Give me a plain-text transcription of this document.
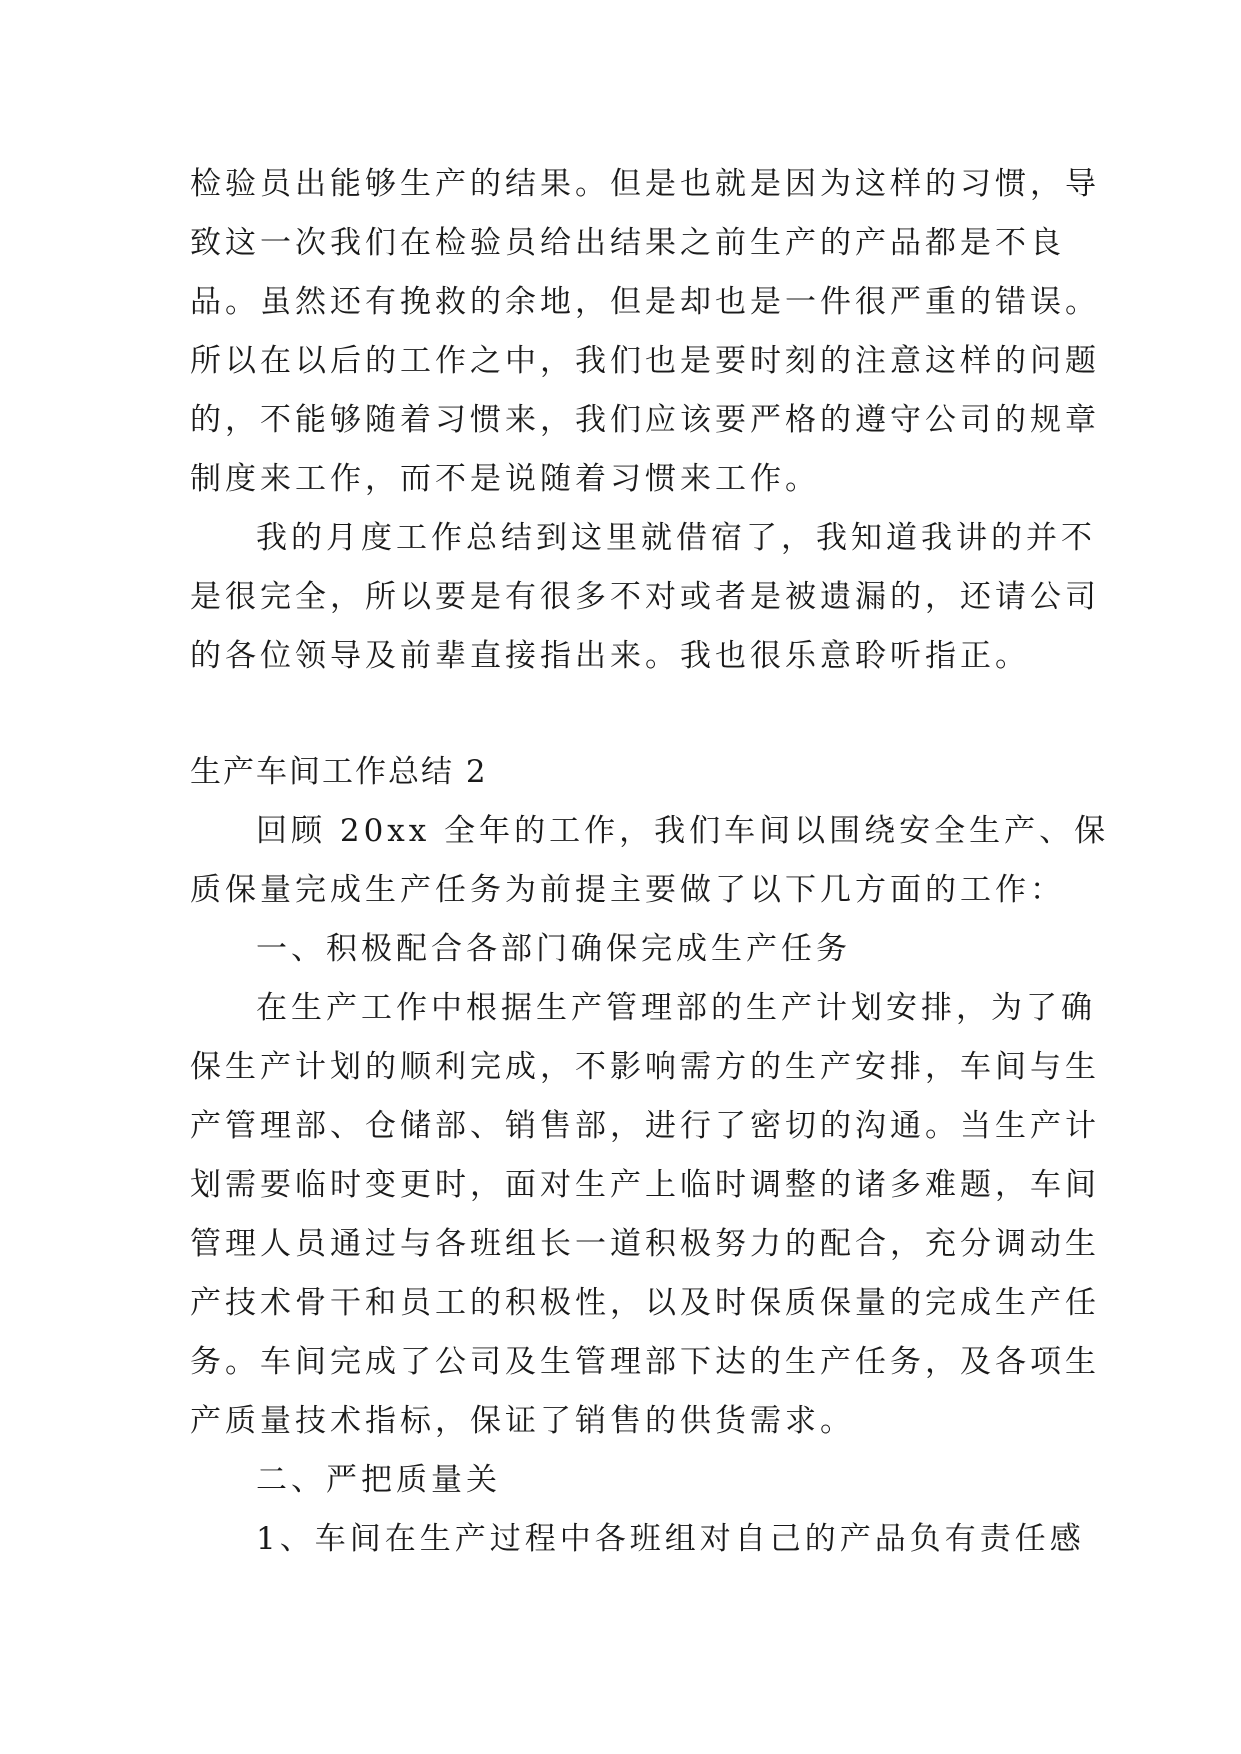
检验员出能够生产的结果。但是也就是因为这样的习惯，导

致这一次我们在检验员给出结果之前生产的产品都是不良

品。虽然还有挽救的余地，但是却也是一件很严重的错误。

所以在以后的工作之中，我们也是要时刻的注意这样的问题

的，不能够随着习惯来，我们应该要严格的遵守公司的规章

制度来工作，而不是说随着习惯来工作。

我的月度工作总结到这里就借宿了，我知道我讲的并不

是很完全，所以要是有很多不对或者是被遗漏的，还请公司

的各位领导及前辈直接指出来。我也很乐意聆听指正。

生产车间工作总结 2

回顾 20xx 全年的工作，我们车间以围绕安全生产、保

质保量完成生产任务为前提主要做了以下几方面的工作：

一、积极配合各部门确保完成生产任务

在生产工作中根据生产管理部的生产计划安排，为了确

保生产计划的顺利完成，不影响需方的生产安排，车间与生

产管理部、仓储部、销售部，进行了密切的沟通。当生产计

划需要临时变更时，面对生产上临时调整的诸多难题，车间

管理人员通过与各班组长一道积极努力的配合，充分调动生

产技术骨干和员工的积极性，以及时保质保量的完成生产任

务。车间完成了公司及生管理部下达的生产任务，及各项生

产质量技术指标，保证了销售的供货需求。

二、严把质量关

1、车间在生产过程中各班组对自己的产品负有责任感
